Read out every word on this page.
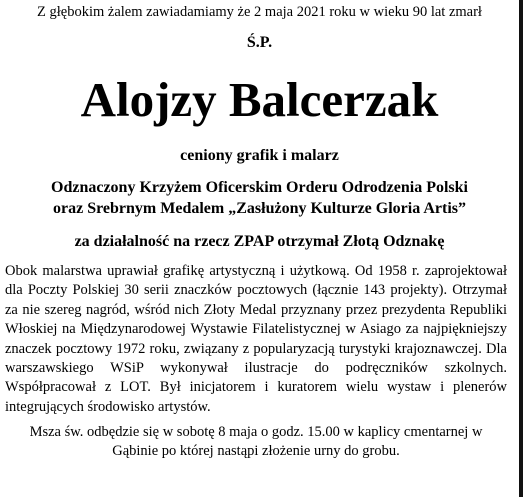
Z głębokim żalem zawiadamiamy że 2 maja 2021 roku w wieku 90 lat zmarł
Ś.P.
Alojzy Balcerzak
ceniony grafik i malarz
Odznaczony Krzyżem Oficerskim Orderu Odrodzenia Polski
oraz Srebrnym Medalem „Zasłużony Kulturze Gloria Artis”
za działalność na rzecz ZPAP otrzymał Złotą Odznakę

Obok malarstwa uprawiał grafikę artystyczną i użytkową. Od 1958 r. zaprojektował dla Poczty Polskiej 30 serii znaczków pocztowych (łącznie 143 projekty). Otrzymał za nie szereg nagród, wśród nich Złoty Medal przyznany przez prezydenta Republiki Włoskiej na Międzynarodowej Wystawie Filatelistycznej w Asiago za najpiękniejszy znaczek pocztowy 1972 roku, związany z popularyzacją turystyki krajoznawczej. Dla warszawskiego WSiP wykonywał ilustracje do podręczników szkolnych. Współpracował z LOT. Był inicjatorem i kuratorem wielu wystaw i plenerów integrujących środowisko artystów.

Msza św. odbędzie się w sobotę 8 maja o godz. 15.00 w kaplicy cmentarnej w
Gąbinie po której nastąpi złożenie urny do grobu.
